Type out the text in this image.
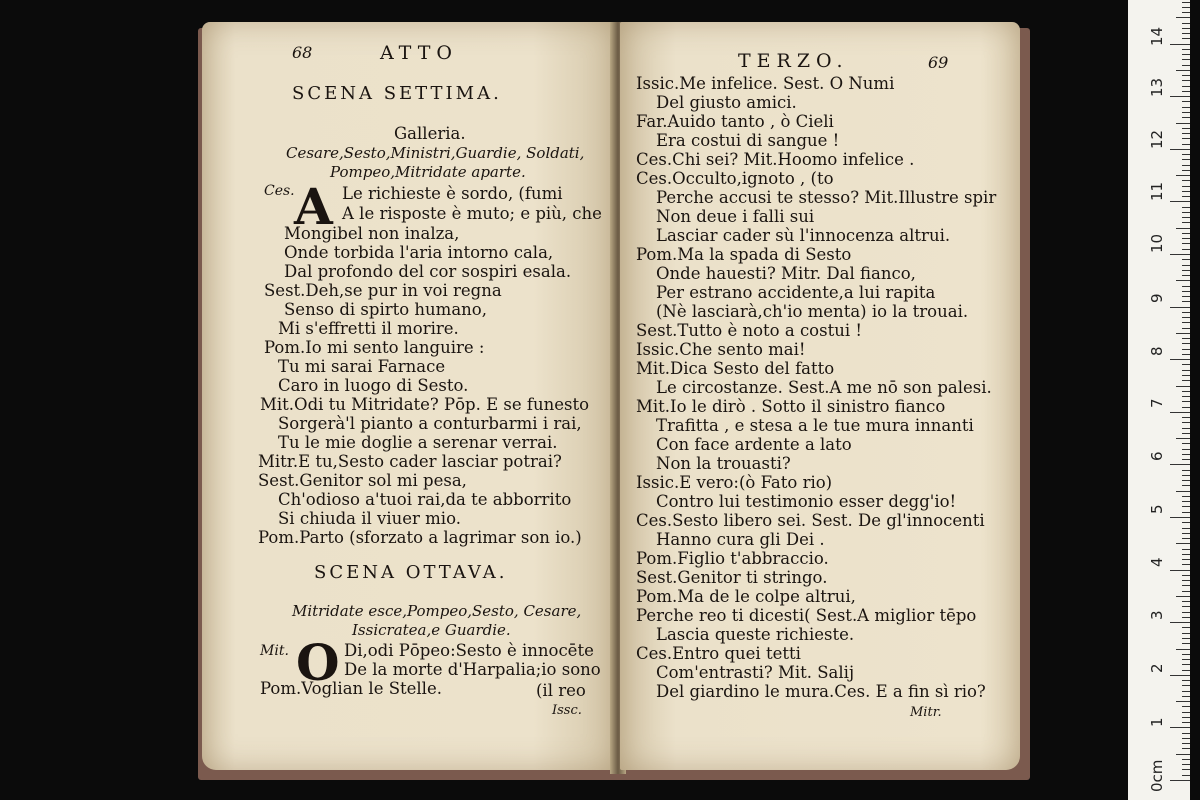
68	ATTO
SCENA SETTIMA.
Galleria.
Cesare,Sesto,Ministri,Guardie, Soldati,
Pompeo,Mitridate aparte.
Ces. A Le richieste è sordo, (fumi
A le risposte è muto; e più, che
Mongibel non inalza,
Onde torbida l'aria intorno cala,
Dal profondo del cor sospiri esala.
Sest.Deh,se pur in voi regna
Senso di spirto humano,
Mi s'effretti il morire.
Pom.Io mi sento languire :
Tu mi sarai Farnace
Caro in luogo di Sesto.
Mit.Odi tu Mitridate? Pōp. E se funesto
Sorgerà'l pianto a conturbarmi i rai,
Tu le mie doglie a serenar verrai.
Mitr.E tu,Sesto cader lasciar potrai?
Sest.Genitor sol mi pesa,
Ch'odioso a'tuoi rai,da te abborrito
Si chiuda il viuer mio.
Pom.Parto (sforzato a lagrimar son io.)
SCENA OTTAVA.
Mitridate esce,Pompeo,Sesto, Cesare,
Issicratea,e Guardie.
Mit. O Di,odi Pōpeo:Sesto è innocēte
De la morte d'Harpalia;io sono
Pom.Voglian le Stelle.	(il reo
Issc.
TERZO.	69
Issic.Me infelice. Sest. O Numi
Del giusto amici.
Far.Auido tanto , ò Cieli
Era costui di sangue !
Ces.Chi sei? Mit.Hoomo infelice .
Ces.Occulto,ignoto , (to
Perche accusi te stesso? Mit.Illustre spir
Non deue i falli sui
Lasciar cader sù l'innocenza altrui.
Pom.Ma la spada di Sesto
Onde hauesti? Mitr. Dal fianco,
Per estrano accidente,a lui rapita
(Nè lasciarà,ch'io menta) io la trouai.
Sest.Tutto è noto a costui !
Issic.Che sento mai!
Mit.Dica Sesto del fatto
Le circostanze. Sest.A me nō son palesi.
Mit.Io le dirò . Sotto il sinistro fianco
Trafitta , e stesa a le tue mura innanti
Con face ardente a lato
Non la trouasti?
Issic.E vero:(ò Fato rio)
Contro lui testimonio esser degg'io!
Ces.Sesto libero sei. Sest. De gl'innocenti
Hanno cura gli Dei .
Pom.Figlio t'abbraccio.
Sest.Genitor ti stringo.
Pom.Ma de le colpe altrui,
Perche reo ti dicesti( Sest.A miglior tēpo
Lascia queste richieste.
Ces.Entro quei tetti
Com'entrasti? Mit. Salij
Del giardino le mura.Ces. E a fin sì rio?
Mitr.
0cm
1
2
3
4
5
6
7
8
9
10
11
12
13
14
